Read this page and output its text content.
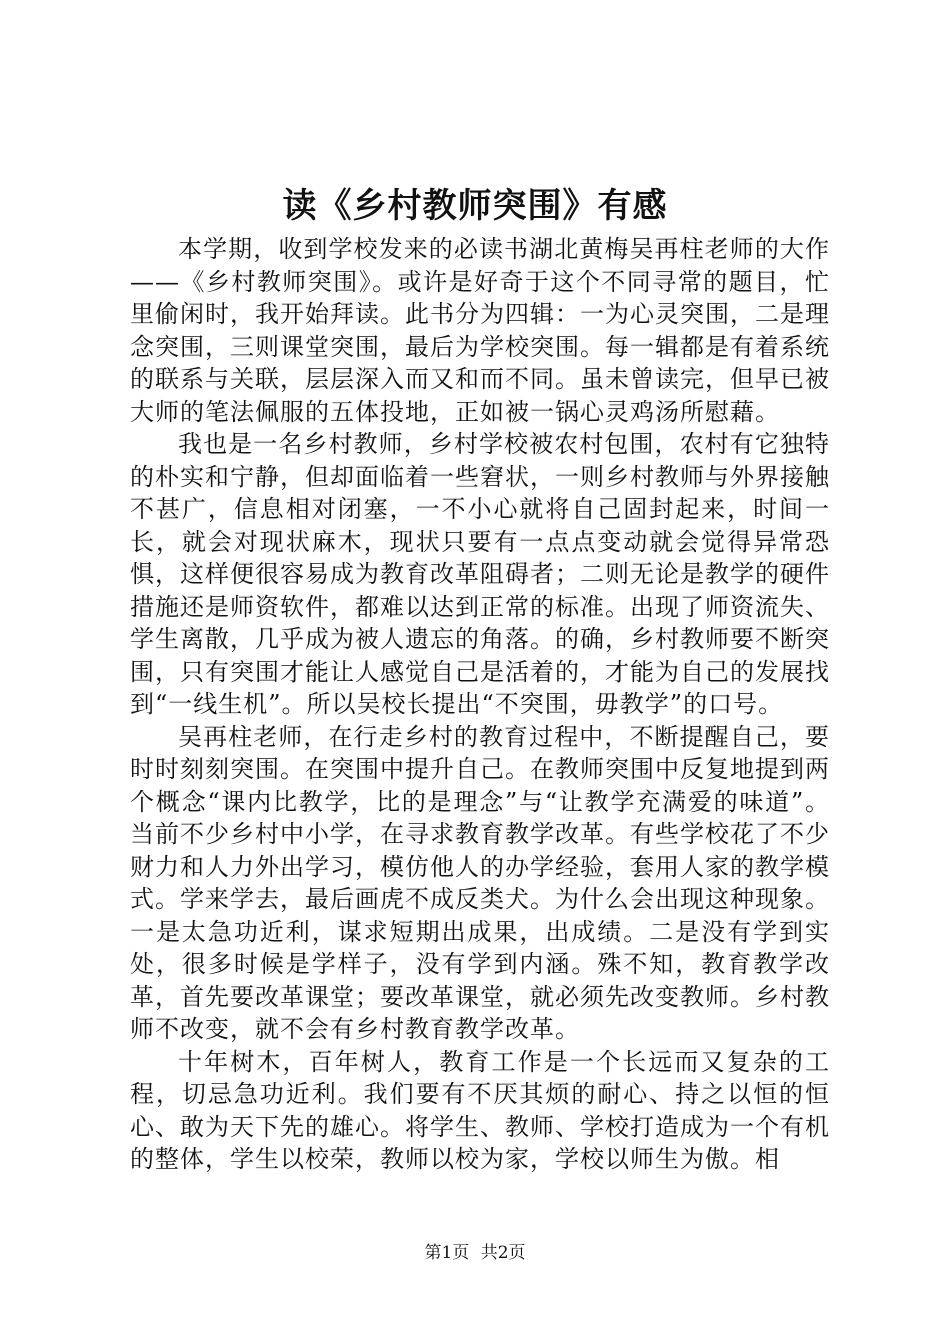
读《乡村教师突围》有感

本学期，收到学校发来的必读书湖北黄梅吴再柱老师的大作——《乡村教师突围》。或许是好奇于这个不同寻常的题目，忙里偷闲时，我开始拜读。此书分为四辑：一为心灵突围，二是理念突围，三则课堂突围，最后为学校突围。每一辑都是有着系统的联系与关联，层层深入而又和而不同。虽未曾读完，但早已被大师的笔法佩服的五体投地，正如被一锅心灵鸡汤所慰藉。

我也是一名乡村教师，乡村学校被农村包围，农村有它独特的朴实和宁静，但却面临着一些窘状，一则乡村教师与外界接触不甚广，信息相对闭塞，一不小心就将自己固封起来，时间一长，就会对现状麻木，现状只要有一点点变动就会觉得异常恐惧，这样便很容易成为教育改革阻碍者；二则无论是教学的硬件措施还是师资软件，都难以达到正常的标准。出现了师资流失、学生离散，几乎成为被人遗忘的角落。的确，乡村教师要不断突围，只有突围才能让人感觉自己是活着的，才能为自己的发展找到“一线生机”。所以吴校长提出“不突围，毋教学”的口号。

吴再柱老师，在行走乡村的教育过程中，不断提醒自己，要时时刻刻突围。在突围中提升自己。在教师突围中反复地提到两个概念“课内比教学，比的是理念”与“让教学充满爱的味道”。当前不少乡村中小学，在寻求教育教学改革。有些学校花了不少财力和人力外出学习，模仿他人的办学经验，套用人家的教学模式。学来学去，最后画虎不成反类犬。为什么会出现这种现象。一是太急功近利，谋求短期出成果，出成绩。二是没有学到实处，很多时候是学样子，没有学到内涵。殊不知，教育教学改革，首先要改革课堂；要改革课堂，就必须先改变教师。乡村教师不改变，就不会有乡村教育教学改革。

十年树木，百年树人，教育工作是一个长远而又复杂的工程，切忌急功近利。我们要有不厌其烦的耐心、持之以恒的恒心、敢为天下先的雄心。将学生、教师、学校打造成为一个有机的整体，学生以校荣，教师以校为家，学校以师生为傲。相

第1页 共2页
